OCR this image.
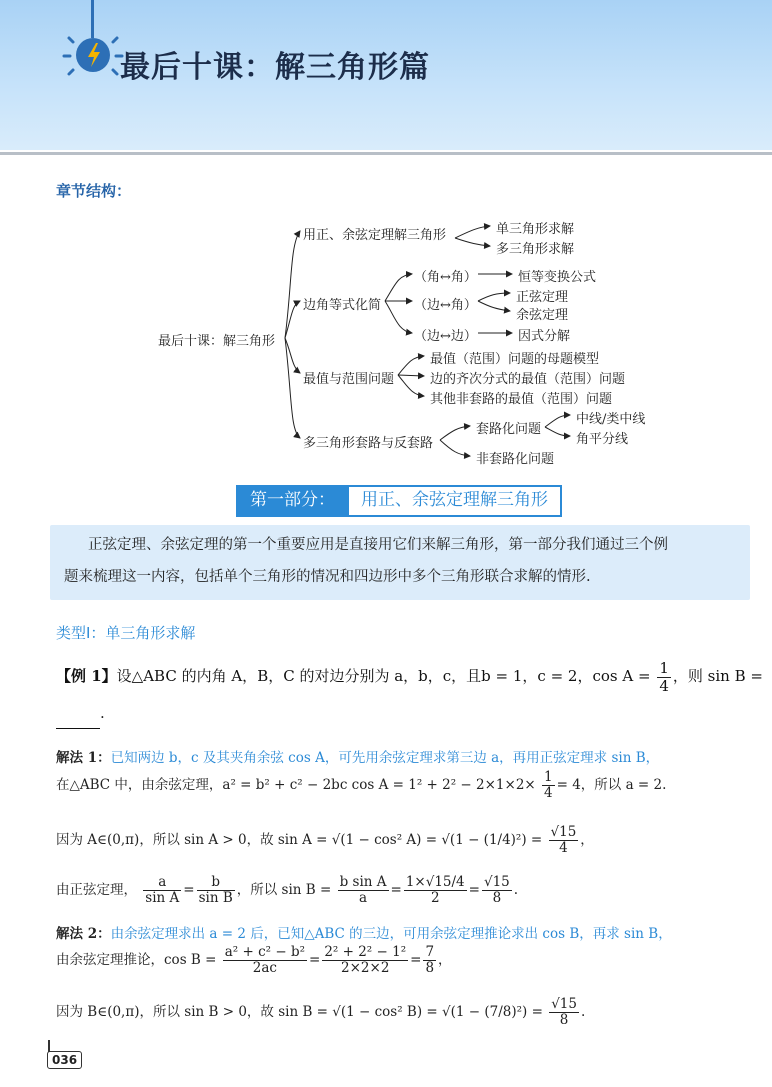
最后十课：解三角形篇
章节结构：
最后十课：解三角形
用正、余弦定理解三角形	单三角形求解
多三角形求解
边角等式化简
（角↔角）	恒等变换公式
（边↔角）
正弦定理
余弦定理
（边↔边）	因式分解
最值与范围问题
最值（范围）问题的母题模型
边的齐次分式的最值（范围）问题
其他非套路的最值（范围）问题
多三角形套路与反套路
套路化问题
中线/类中线
角平分线
非套路化问题
第一部分：	用正、余弦定理解三角形

正弦定理、余弦定理的第一个重要应用是直接用它们来解三角形，第一部分我们通过三个例

题来梳理这一内容，包括单个三角形的情况和四边形中多个三角形联合求解的情形.

类型Ⅰ：单三角形求解
【例 1】设△ABC 的内角 A，B，C 的对边分别为 a，b，c，且b = 1，c = 2，$\cos A = \frac{1}{4}$ ，则 sin B =
.
解法 1：已知两边 b，c 及其夹角余弦 cos A，可先用余弦定理求第三边 a，再用正弦定理求 sin B，
在△ABC 中，由余弦定理，a² = b² + c² − 2bc $\cos A = 1^2 + 2^2 - 2\times 1\times 2\times \frac{1}{4} = 4$，所以 a = 2.
因为 A∈(0,π)，所以 sin A > 0，故 sin A = √(1 − cos² $A) = √(1 - (1/4)^2) = \frac{√15}{4}$ ，
由正弦定理， $\frac{a}{\text{sin A}} = \frac{b}{\text{sin B}}$ ，所以 $\sin B = \frac{\text{b sin A}}{a} = \frac{1\times√15/4}{2} = \frac{√15}{8}$ .
解法 2：由余弦定理求出 a = 2 后，已知△ABC 的三边，可用余弦定理推论求出 cos B，再求 sin B，
由余弦定理推论，$\cos B = \frac{\text{a² + c² − b²}}{2ac} = \frac{\text{2² + 2² − 1²}}{2\times 2\times 2} = \frac{7}{8}$ ，
因为 B∈(0,π)，所以 sin B > 0，故 sin B = √(1 − cos² $B) = √(1 - (7/8)^2) = \frac{√15}{8}$ .
036
